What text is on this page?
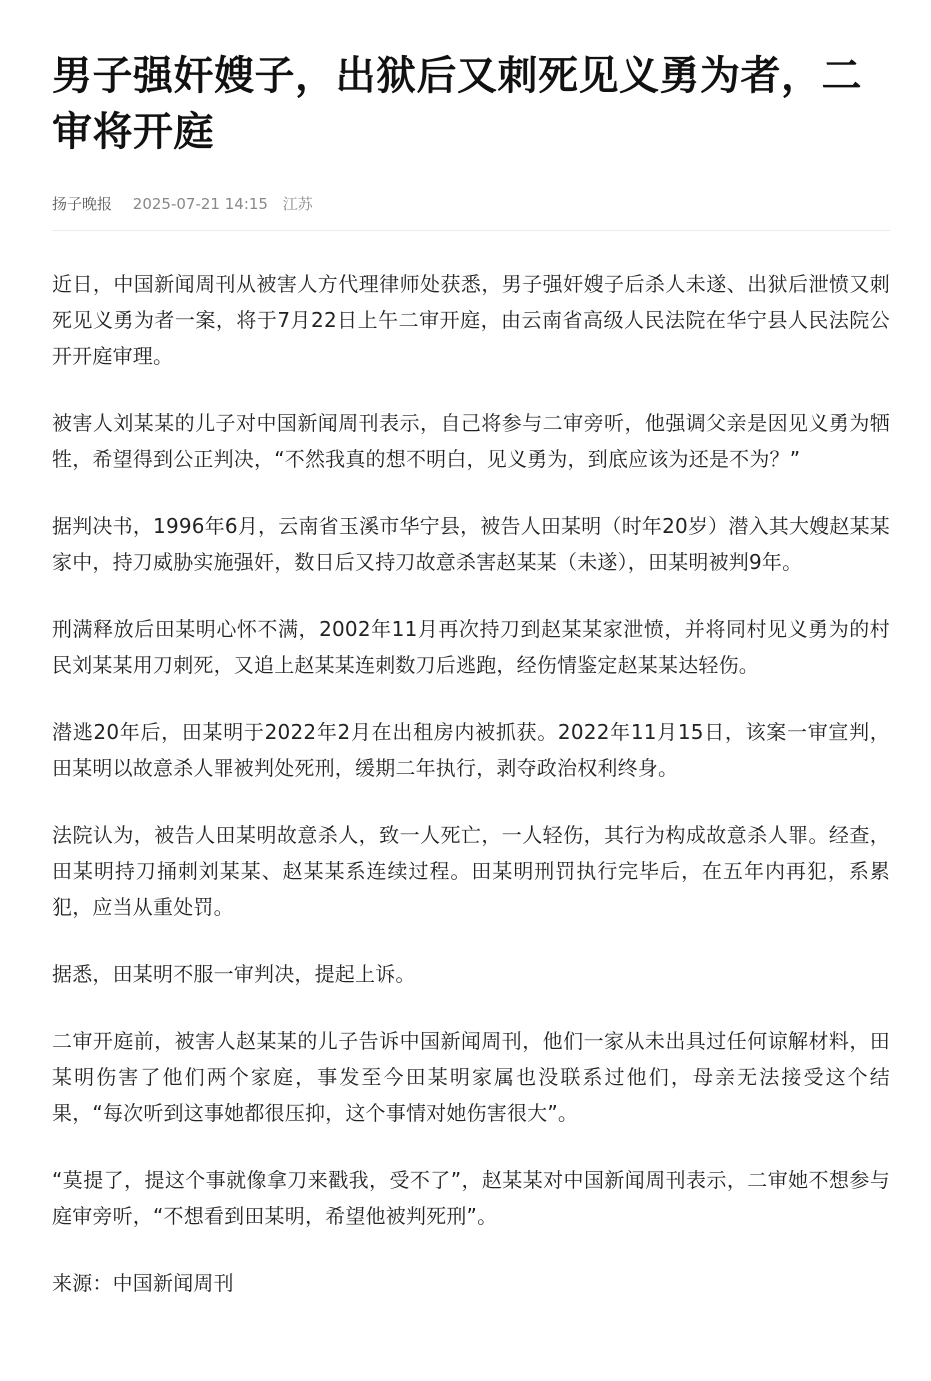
男子强奸嫂子，出狱后又刺死见义勇为者，二审将开庭
扬子晚报 2025-07-21 14:15 江苏

近日，中国新闻周刊从被害人方代理律师处获悉，男子强奸嫂子后杀人未遂、出狱后泄愤又刺死见义勇为者一案，将于7月22日上午二审开庭，由云南省高级人民法院在华宁县人民法院公开开庭审理。

被害人刘某某的儿子对中国新闻周刊表示，自己将参与二审旁听，他强调父亲是因见义勇为牺牲，希望得到公正判决，“不然我真的想不明白，见义勇为，到底应该为还是不为？”

据判决书，1996年6月，云南省玉溪市华宁县，被告人田某明（时年20岁）潜入其大嫂赵某某家中，持刀威胁实施强奸，数日后又持刀故意杀害赵某某（未遂），田某明被判9年。

刑满释放后田某明心怀不满，2002年11月再次持刀到赵某某家泄愤，并将同村见义勇为的村民刘某某用刀刺死，又追上赵某某连刺数刀后逃跑，经伤情鉴定赵某某达轻伤。

潜逃20年后，田某明于2022年2月在出租房内被抓获。2022年11月15日，该案一审宣判，田某明以故意杀人罪被判处死刑，缓期二年执行，剥夺政治权利终身。

法院认为，被告人田某明故意杀人，致一人死亡，一人轻伤，其行为构成故意杀人罪。经查，田某明持刀捅刺刘某某、赵某某系连续过程。田某明刑罚执行完毕后，在五年内再犯，系累犯，应当从重处罚。

据悉，田某明不服一审判决，提起上诉。

二审开庭前，被害人赵某某的儿子告诉中国新闻周刊，他们一家从未出具过任何谅解材料，田某明伤害了他们两个家庭，事发至今田某明家属也没联系过他们，母亲无法接受这个结果，“每次听到这事她都很压抑，这个事情对她伤害很大”。

“莫提了，提这个事就像拿刀来戳我，受不了”，赵某某对中国新闻周刊表示，二审她不想参与庭审旁听，“不想看到田某明，希望他被判死刑”。

来源：中国新闻周刊
